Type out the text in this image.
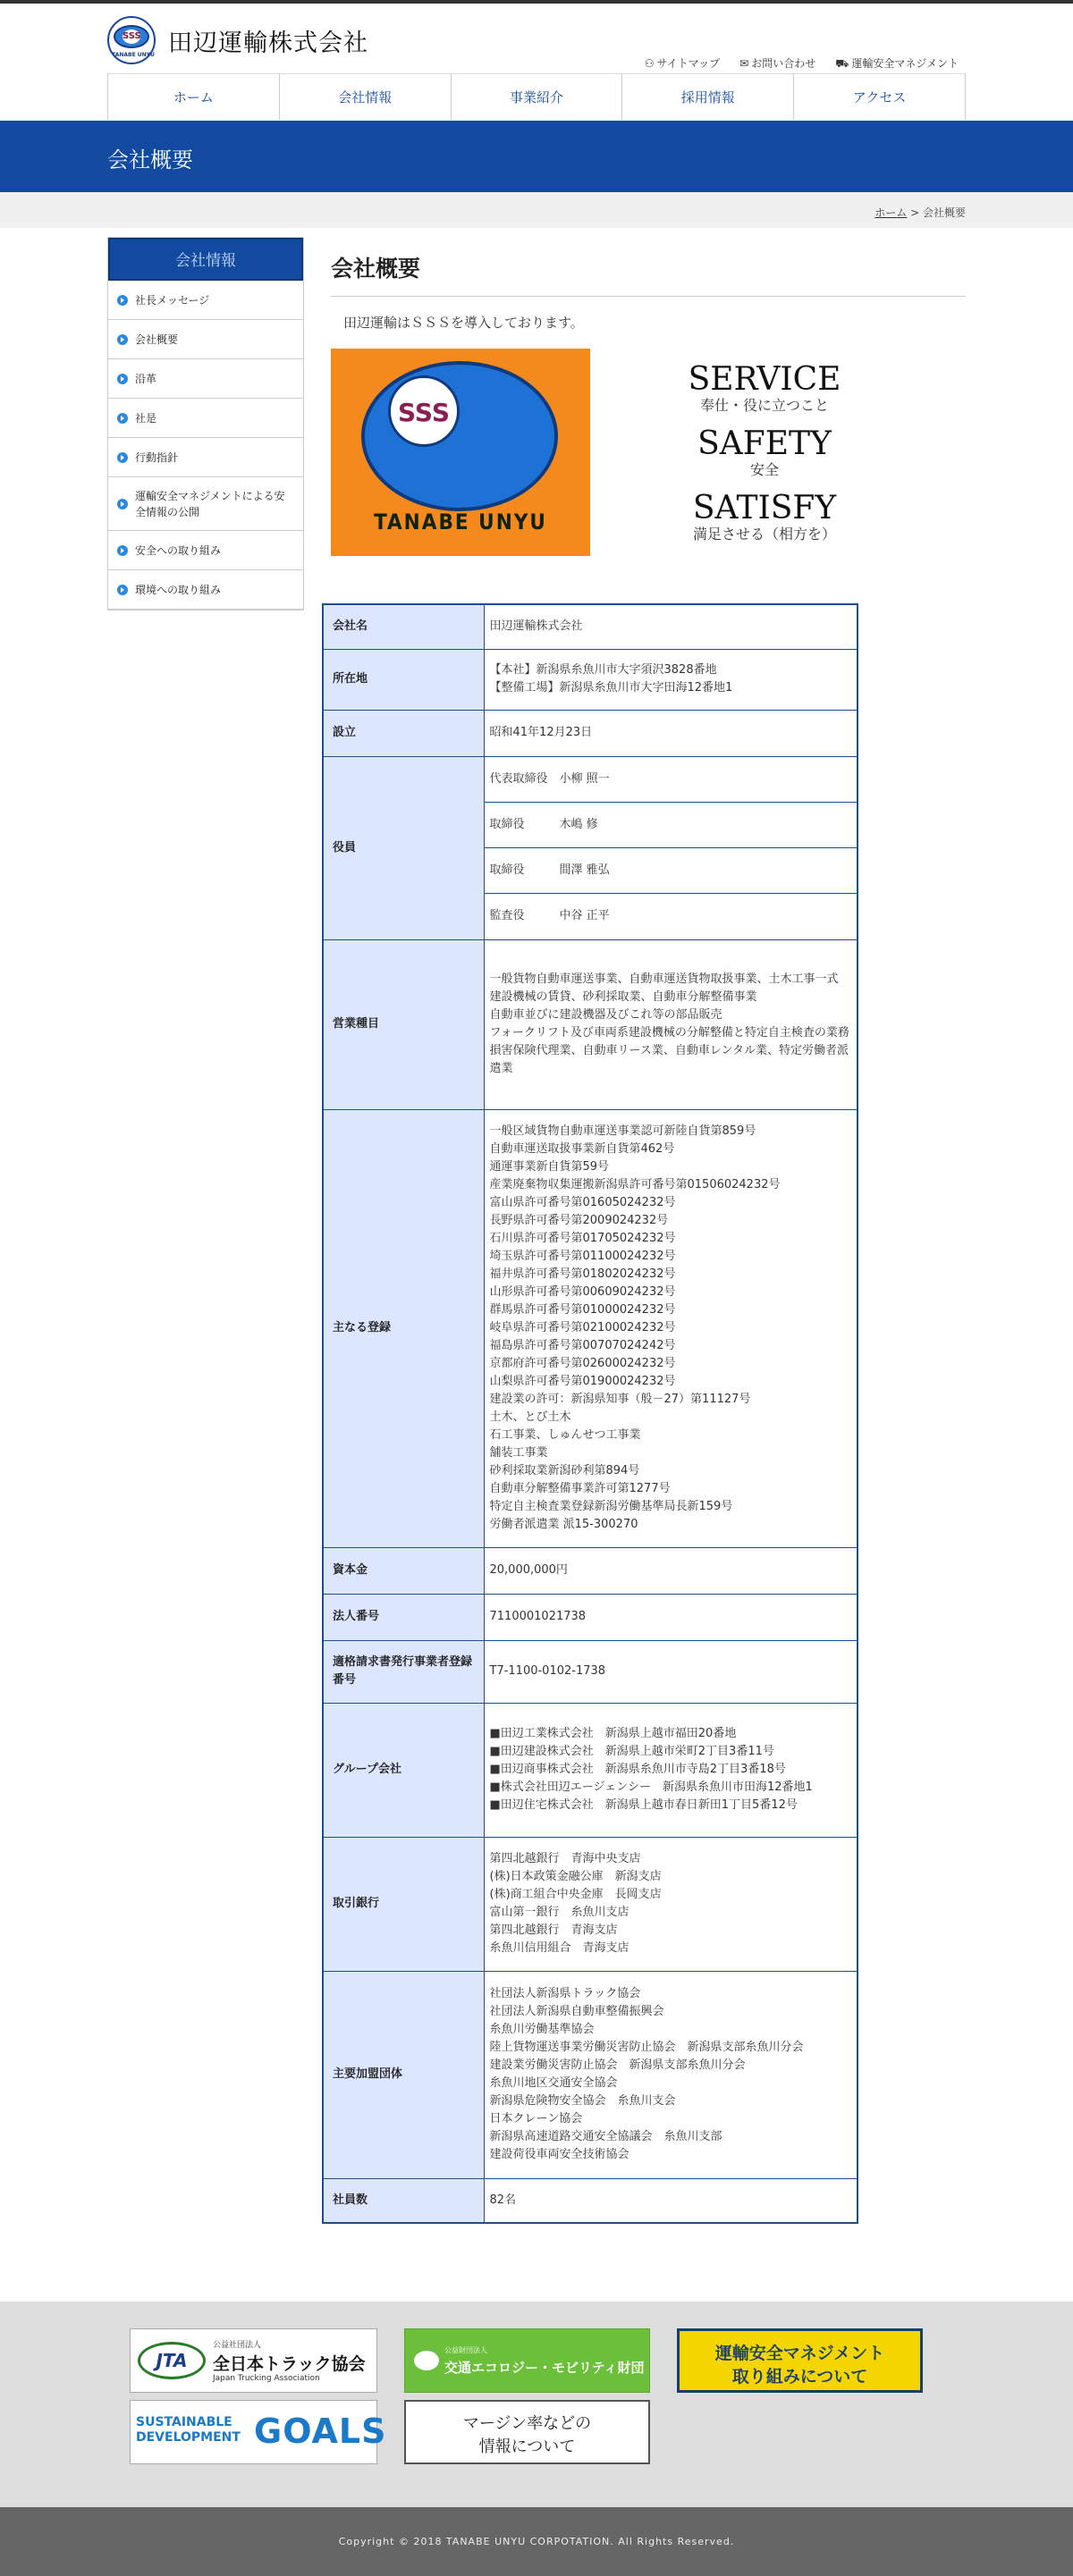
SSS
TANABE UNYU 田辺運輸株式会社
⚇ サイトマップ ✉ お問い合わせ ⛟ 運輸安全マネジメント
ホーム	会社情報	事業紹介	採用情報	アクセス
会社概要
ホーム > 会社概要
会社情報
社長メッセージ
会社概要
沿革
社是
行動指針
運輸安全マネジメントによる安全情報の公開
安全への取り組み
環境への取り組み
会社概要

田辺運輸はＳＳＳを導入しております。

SSS
TANABE UNYU
SERVICE
奉仕・役に立つこと
SAFETY
安全
SATISFY
満足させる（相方を）
会社名	田辺運輸株式会社
所在地	
【本社】新潟県糸魚川市大字須沢3828番地
【整備工場】新潟県糸魚川市大字田海12番地1

設立	昭和41年12月23日
役員	
代表取締役　 小柳 照一
取締役　　　	木嶋 修
取締役　　　	間澤 雅弘
監査役　　　	中谷 正平

営業種目	
一般貨物自動車運送事業、自動車運送貨物取扱事業、土木工事一式
建設機械の賃貸、砂利採取業、自動車分解整備事業
自動車並びに建設機器及びこれ等の部品販売
フォークリフト及び車両系建設機械の分解整備と特定自主検査の業務
損害保険代理業、自動車リース業、自動車レンタル業、特定労働者派遣業

主なる登録	
一般区域貨物自動車運送事業認可新陸自貨第859号
自動車運送取扱事業新自貨第462号
通運事業新自貨第59号
産業廃棄物収集運搬新潟県許可番号第01506024232号
富山県許可番号第01605024232号
長野県許可番号第2009024232号
石川県許可番号第01705024232号
埼玉県許可番号第01100024232号
福井県許可番号第01802024232号
山形県許可番号第00609024232号
群馬県許可番号第01000024232号
岐阜県許可番号第02100024232号
福島県許可番号第00707024242号
京都府許可番号第02600024232号
山梨県許可番号第01900024232号
建設業の許可：新潟県知事（般－27）第11127号
土木、とび土木
石工事業、しゅんせつ工事業
舗装工事業
砂利採取業新潟砂利第894号
自動車分解整備事業許可第1277号
特定自主検査業登録新潟労働基準局長新159号
労働者派遣業 派15-300270

資本金	20,000,000円
法人番号	7110001021738
適格請求書発行事業者登録番号	T7-1100-0102-1738
グループ会社	
■田辺工業株式会社　新潟県上越市福田20番地
■田辺建設株式会社　新潟県上越市栄町2丁目3番11号
■田辺商事株式会社　新潟県糸魚川市寺島2丁目3番18号
■株式会社田辺エージェンシー　新潟県糸魚川市田海12番地1
■田辺住宅株式会社　新潟県上越市春日新田1丁目5番12号

取引銀行	
第四北越銀行　青海中央支店
(株)日本政策金融公庫　新潟支店
(株)商工組合中央金庫　長岡支店
富山第一銀行　糸魚川支店
第四北越銀行　青海支店
糸魚川信用組合　青海支店

主要加盟団体	
社団法人新潟県トラック協会
社団法人新潟県自動車整備振興会
糸魚川労働基準協会
陸上貨物運送事業労働災害防止協会　新潟県支部糸魚川分会
建設業労働災害防止協会　新潟県支部糸魚川分会
糸魚川地区交通安全協会
新潟県危険物安全協会　糸魚川支会
日本クレーン協会
新潟県高速道路交通安全協議会　糸魚川支部
建設荷役車両安全技術協会

社員数	82名
JTA
公益社団法人
全日本トラック協会
Japan Trucking Association
公益財団法人
交通エコロジー・モビリティ財団
運輸安全マネジメント
取り組みについて
SUSTAINABLE
DEVELOPMENT GOALS	マージン率などの
情報について

Copyright © 2018 TANABE UNYU CORPOTATION. All Rights Reserved.
